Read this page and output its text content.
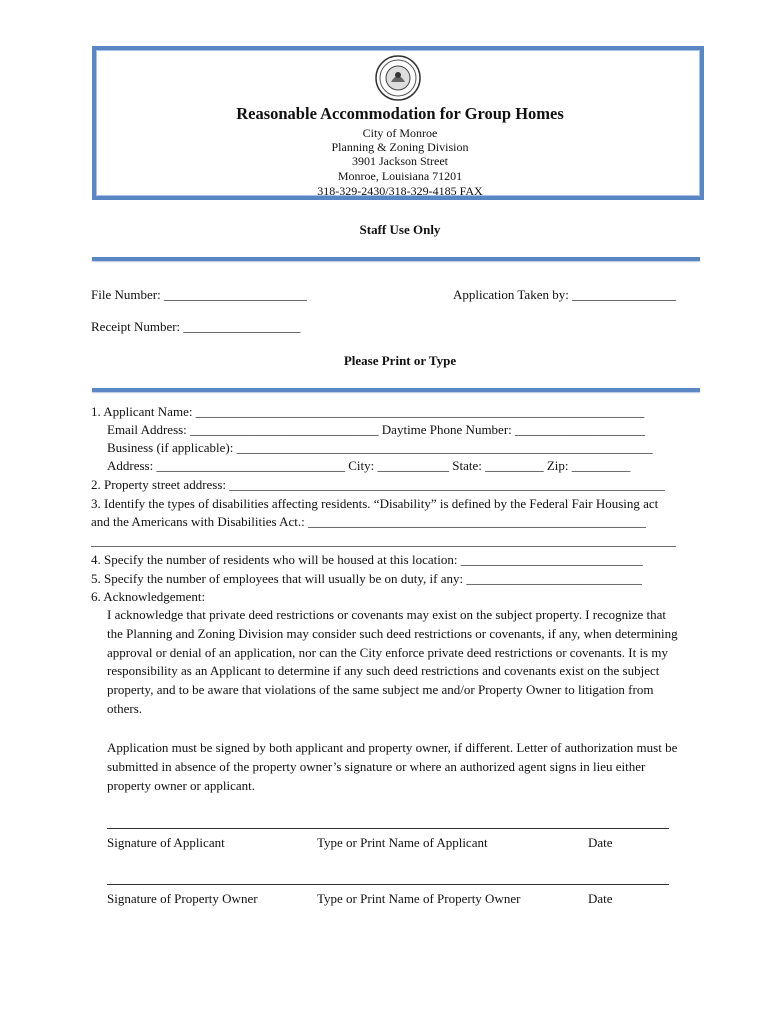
Reasonable Accommodation for Group Homes
City of Monroe
Planning & Zoning Division
3901 Jackson Street
Monroe, Louisiana 71201
318-329-2430/318-329-4185 FAX
Staff Use Only
File Number: ______________________	Application Taken by: ________________
Receipt Number: __________________
Please Print or Type
1. Applicant Name: _____________________________________________________________________
Email Address: _____________________________ Daytime Phone Number: ____________________
Business (if applicable): ________________________________________________________________
Address: _____________________________ City: ___________ State: _________ Zip: _________
2. Property street address: ___________________________________________________________________
3. Identify the types of disabilities affecting residents. “Disability” is defined by the Federal Fair Housing act
and the Americans with Disabilities Act.: ____________________________________________________
__________________________________________________________________________________________
4. Specify the number of residents who will be housed at this location: ____________________________
5. Specify the number of employees that will usually be on duty, if any: ___________________________
6. Acknowledgement:
I acknowledge that private deed restrictions or covenants may exist on the subject property. I recognize that the Planning and Zoning Division may consider such deed restrictions or covenants, if any, when determining approval or denial of an application, nor can the City enforce private deed restrictions or covenants. It is my responsibility as an Applicant to determine if any such deed restrictions and covenants exist on the subject property, and to be aware that violations of the same subject me and/or Property Owner to litigation from others.
Application must be signed by both applicant and property owner, if different. Letter of authorization must be submitted in absence of the property owner’s signature or where an authorized agent signs in lieu either property owner or applicant.
Signature of Applicant	Type or Print Name of Applicant	Date
Signature of Property Owner	Type or Print Name of Property Owner	Date
